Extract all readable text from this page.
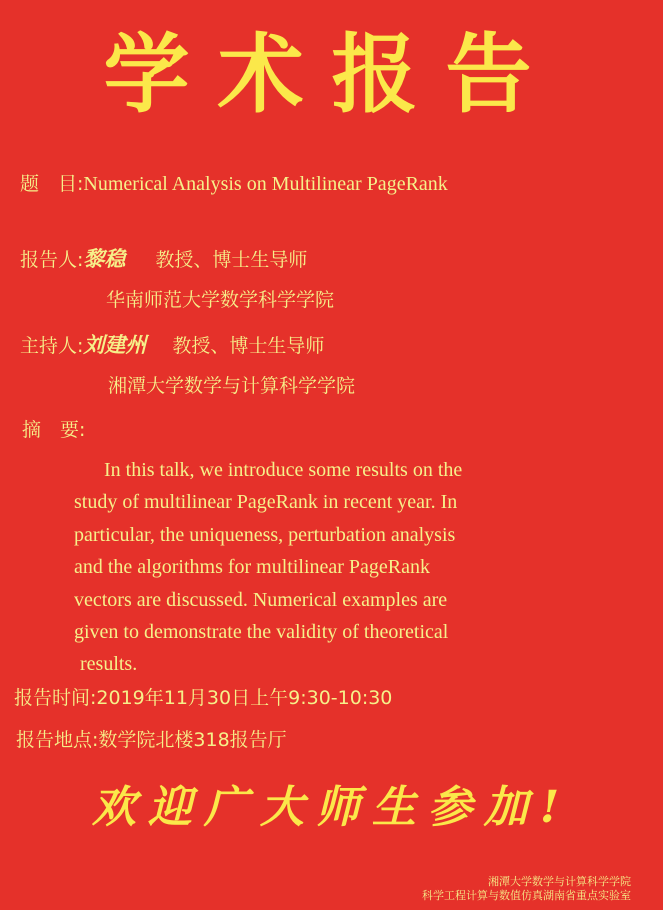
学术报告
题　目:Numerical Analysis on Multilinear PageRank
报告人:黎稳 教授、博士生导师
华南师范大学数学科学学院
主持人:刘建州 教授、博士生导师
湘潭大学数学与计算科学学院
摘　要:
In this talk, we introduce some results on the
study of multilinear PageRank in recent year. In
particular, the uniqueness, perturbation analysis
and the algorithms for multilinear PageRank
vectors are discussed. Numerical examples are
given to demonstrate the validity of theoretical
results.
报告时间:2019年11月30日上午9:30-10:30
报告地点:数学院北楼318报告厅
欢迎广大师生参加!
湘潭大学数学与计算科学学院
科学工程计算与数值仿真湖南省重点实验室
